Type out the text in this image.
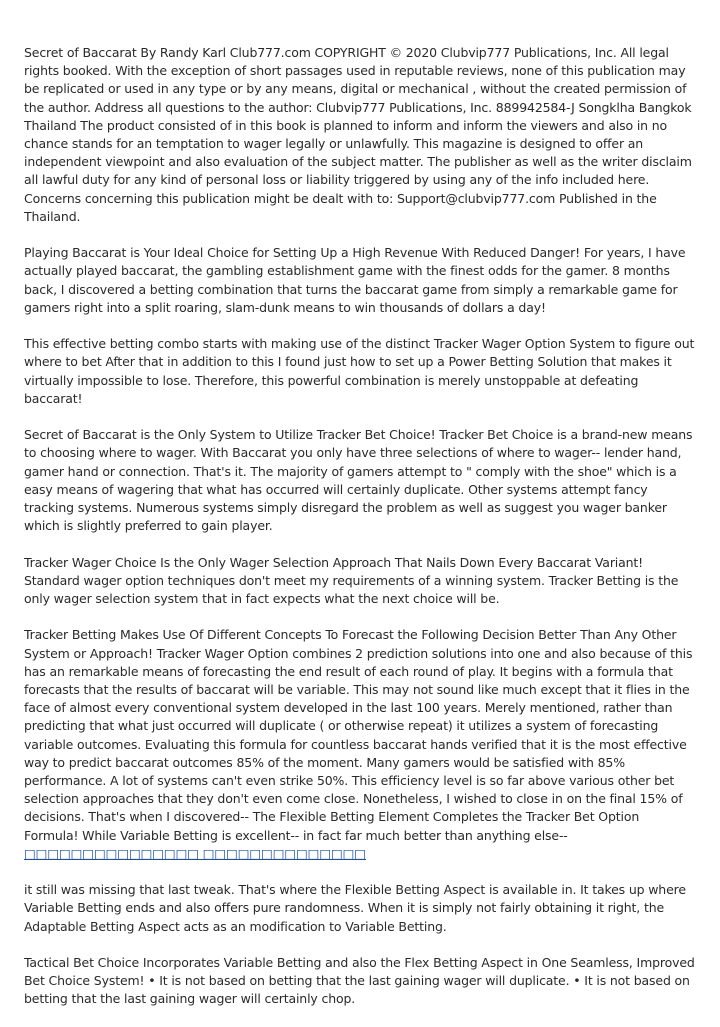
Secret of Baccarat By Randy Karl Club777.com COPYRIGHT © 2020 Clubvip777 Publications, Inc. All legal rights booked. With the exception of short passages used in reputable reviews, none of this publication may be replicated or used in any type or by any means, digital or mechanical , without the created permission of the author. Address all questions to the author: Clubvip777 Publications, Inc. 889942584-J Songklha Bangkok Thailand The product consisted of in this book is planned to inform and inform the viewers and also in no chance stands for an temptation to wager legally or unlawfully. This magazine is designed to offer an independent viewpoint and also evaluation of the subject matter. The publisher as well as the writer disclaim all lawful duty for any kind of personal loss or liability triggered by using any of the info included here. Concerns concerning this publication might be dealt with to: Support@clubvip777.com Published in the Thailand.

Playing Baccarat is Your Ideal Choice for Setting Up a High Revenue With Reduced Danger! For years, I have actually played baccarat, the gambling establishment game with the finest odds for the gamer. 8 months back, I discovered a betting combination that turns the baccarat game from simply a remarkable game for gamers right into a split roaring, slam-dunk means to win thousands of dollars a day!

This effective betting combo starts with making use of the distinct Tracker Wager Option System to figure out where to bet After that in addition to this I found just how to set up a Power Betting Solution that makes it virtually impossible to lose. Therefore, this powerful combination is merely unstoppable at defeating baccarat!

Secret of Baccarat is the Only System to Utilize Tracker Bet Choice! Tracker Bet Choice is a brand-new means to choosing where to wager. With Baccarat you only have three selections of where to wager-- lender hand, gamer hand or connection. That's it. The majority of gamers attempt to " comply with the shoe" which is a easy means of wagering that what has occurred will certainly duplicate. Other systems attempt fancy tracking systems. Numerous systems simply disregard the problem as well as suggest you wager banker which is slightly preferred to gain player.

Tracker Wager Choice Is the Only Wager Selection Approach That Nails Down Every Baccarat Variant! Standard wager option techniques don't meet my requirements of a winning system. Tracker Betting is the only wager selection system that in fact expects what the next choice will be.

Tracker Betting Makes Use Of Different Concepts To Forecast the Following Decision Better Than Any Other System or Approach! Tracker Wager Option combines 2 prediction solutions into one and also because of this has an remarkable means of forecasting the end result of each round of play. It begins with a formula that forecasts that the results of baccarat will be variable. This may not sound like much except that it flies in the face of almost every conventional system developed in the last 100 years. Merely mentioned, rather than predicting that what just occurred will duplicate ( or otherwise repeat) it utilizes a system of forecasting variable outcomes. Evaluating this formula for countless baccarat hands verified that it is the most effective way to predict baccarat outcomes 85% of the moment. Many gamers would be satisfied with 85% performance. A lot of systems can't even strike 50%. This efficiency level is so far above various other bet selection approaches that they don't even come close. Nonetheless, I wished to close in on the final 15% of decisions. That's when I discovered-- The Flexible Betting Element Completes the Tracker Bet Option Formula! While Variable Betting is excellent-- in fact far much better than anything else-- □□□□□□□□□□□□□□□ □□□□□□□□□□□□□□

it still was missing that last tweak. That's where the Flexible Betting Aspect is available in. It takes up where Variable Betting ends and also offers pure randomness. When it is simply not fairly obtaining it right, the Adaptable Betting Aspect acts as an modification to Variable Betting.

Tactical Bet Choice Incorporates Variable Betting and also the Flex Betting Aspect in One Seamless, Improved Bet Choice System! • It is not based on betting that the last gaining wager will duplicate. • It is not based on betting that the last gaining wager will certainly chop.
